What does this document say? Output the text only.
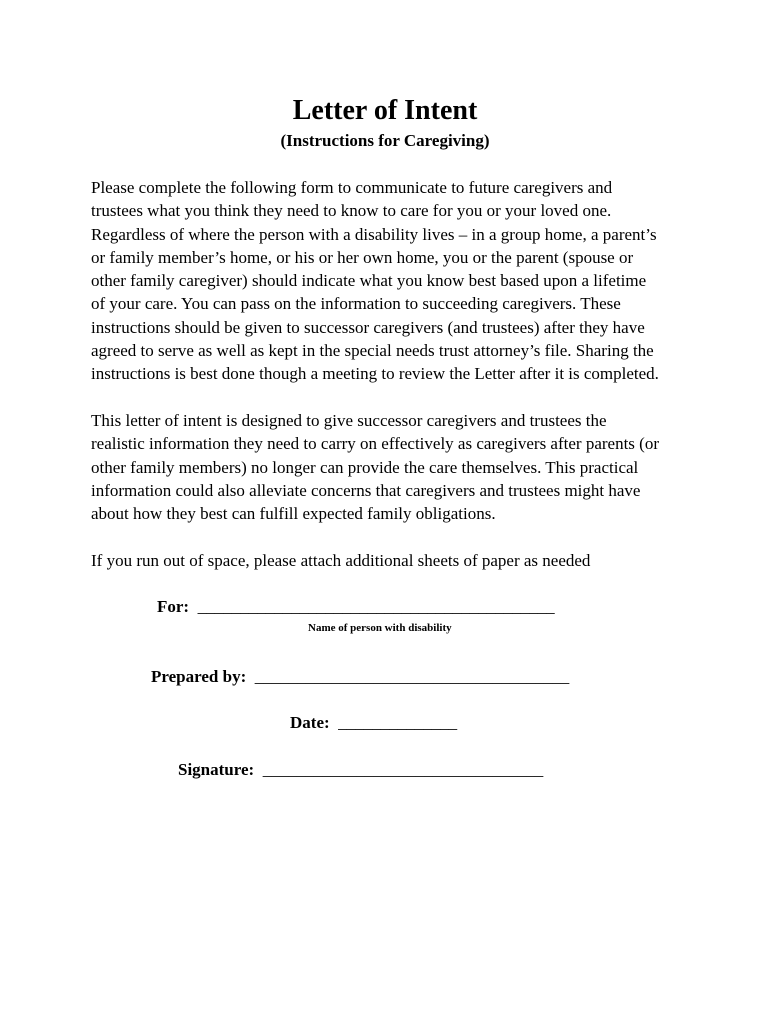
Letter of Intent
(Instructions for Caregiving)

Please complete the following form to communicate to future caregivers and
trustees what you think they need to know to care for you or your loved one.
Regardless of where the person with a disability lives – in a group home, a parent’s
or family member’s home, or his or her own home, you or the parent (spouse or
other family caregiver) should indicate what you know best based upon a lifetime
of your care. You can pass on the information to succeeding caregivers. These
instructions should be given to successor caregivers (and trustees) after they have
agreed to serve as well as kept in the special needs trust attorney’s file. Sharing the
instructions is best done though a meeting to review the Letter after it is completed.

This letter of intent is designed to give successor caregivers and trustees the
realistic information they need to carry on effectively as caregivers after parents (or
other family members) no longer can provide the care themselves. This practical
information could also alleviate concerns that caregivers and trustees might have
about how they best can fulfill expected family obligations.

If you run out of space, please attach additional sheets of paper as needed

For: __________________________________________
Name of person with disability
Prepared by: _____________________________________
Date: ______________
Signature: _________________________________
